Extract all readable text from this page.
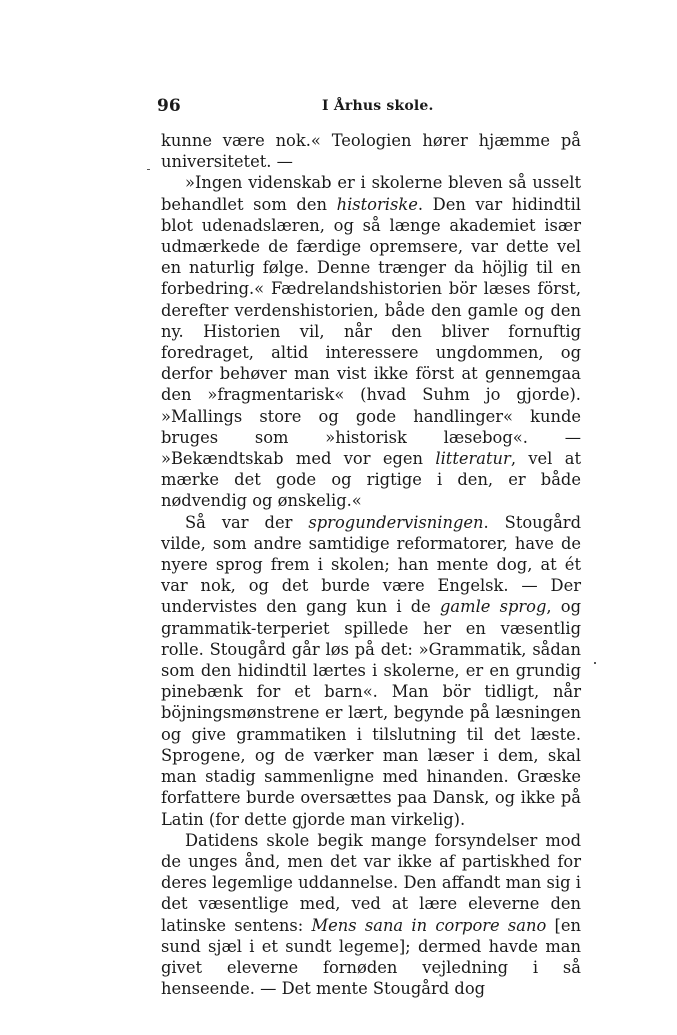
96	I Århus skole.

kunne være nok.« Teologien hører hjæmme på universitetet. —

»Ingen videnskab er i skolerne bleven så usselt behandlet som den historiske. Den var hidindtil blot udenadslæren, og så længe akademiet især udmærkede de færdige opremsere, var dette vel en naturlig følge. Denne trænger da höjlig til en forbedring.« Fædrelandshistorien bör læses först, derefter verdenshistorien, både den gamle og den ny. Historien vil, når den bliver fornuftig foredraget, altid interessere ungdommen, og derfor behøver man vist ikke först at gennemgaa den »fragmentarisk« (hvad Suhm jo gjorde). »Mallings store og gode handlinger« kunde bruges som »historisk læsebog«. — »Bekændtskab med vor egen litteratur, vel at mærke det gode og rigtige i den, er både nødvendig og ønskelig.«

Så var der sprogundervisningen. Stougård vilde, som andre samtidige reformatorer, have de nyere sprog frem i skolen; han mente dog, at ét var nok, og det burde være Engelsk. — Der undervistes den gang kun i de gamle sprog, og grammatik-terperiet spillede her en væsentlig rolle. Stougård går løs på det: »Grammatik, sådan som den hidindtil lærtes i skolerne, er en grundig pinebænk for et barn«. Man bör tidligt, når böjningsmønstrene er lært, begynde på læsningen og give grammatiken i tilslutning til det læste. Sprogene, og de værker man læser i dem, skal man stadig sammenligne med hinanden. Græske forfattere burde oversættes paa Dansk, og ikke på Latin (for dette gjorde man virkelig).

Datidens skole begik mange forsyndelser mod de unges ånd, men det var ikke af partiskhed for deres legemlige uddannelse. Den affandt man sig i det væsentlige med, ved at lære eleverne den latinske sentens: Mens sana in corpore sano [en sund sjæl i et sundt legeme]; dermed havde man givet eleverne fornøden vejledning i så henseende. — Det mente Stougård dog
